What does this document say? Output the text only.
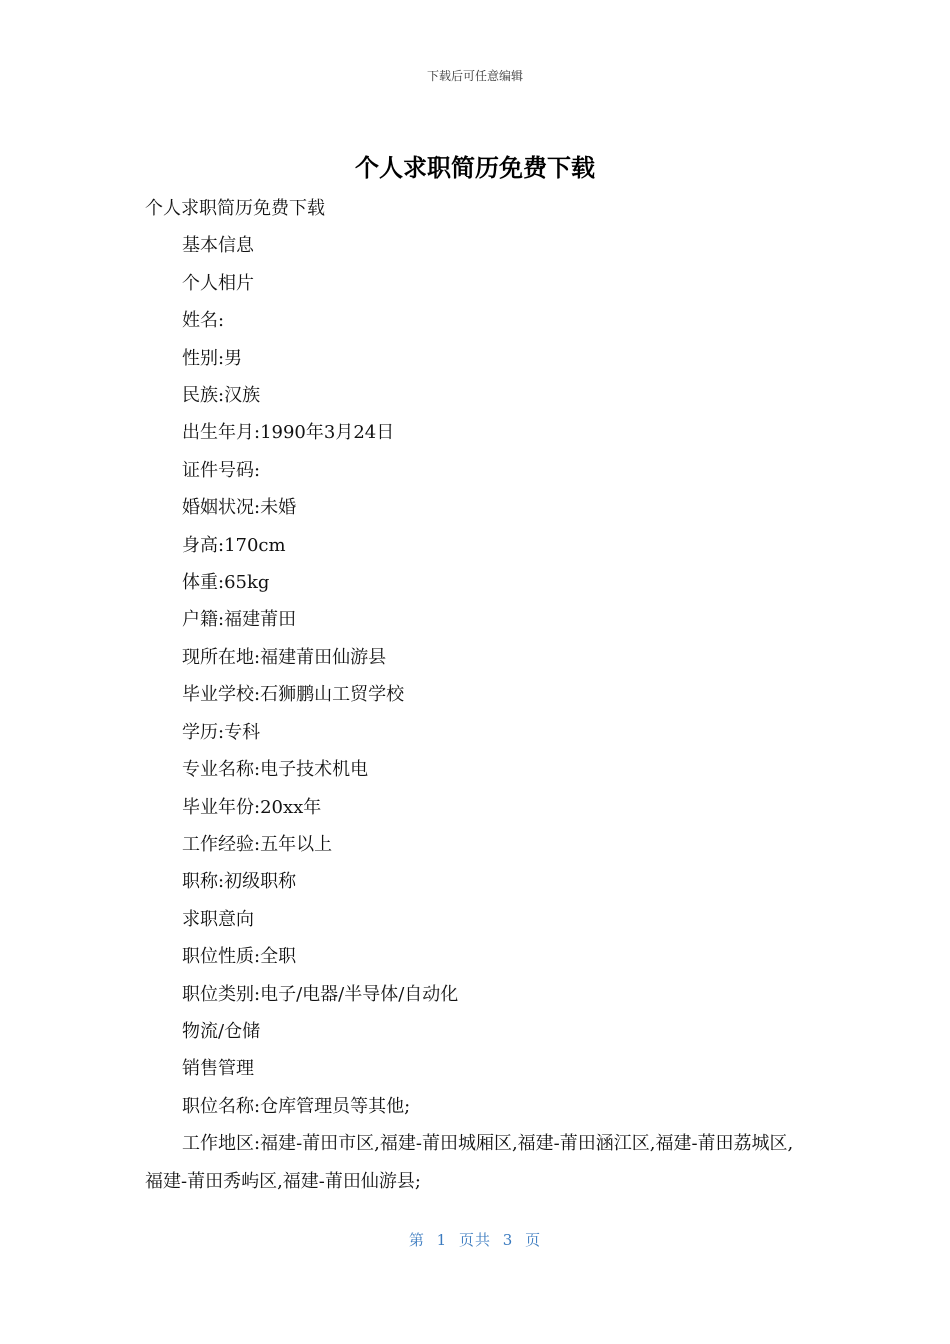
下载后可任意编辑
个人求职简历免费下载

个人求职简历免费下载

基本信息

个人相片

姓名:

性别:男

民族:汉族

出生年月:1990年3月24日

证件号码:

婚姻状况:未婚

身高:170cm

体重:65kg

户籍:福建莆田

现所在地:福建莆田仙游县

毕业学校:石狮鹏山工贸学校

学历:专科

专业名称:电子技术机电

毕业年份:20xx年

工作经验:五年以上

职称:初级职称

求职意向

职位性质:全职

职位类别:电子/电器/半导体/自动化

物流/仓储

销售管理

职位名称:仓库管理员等其他;

工作地区:福建-莆田市区,福建-莆田城厢区,福建-莆田涵江区,福建-莆田荔城区,福建-莆田秀屿区,福建-莆田仙游县;

第 1 页共 3 页
